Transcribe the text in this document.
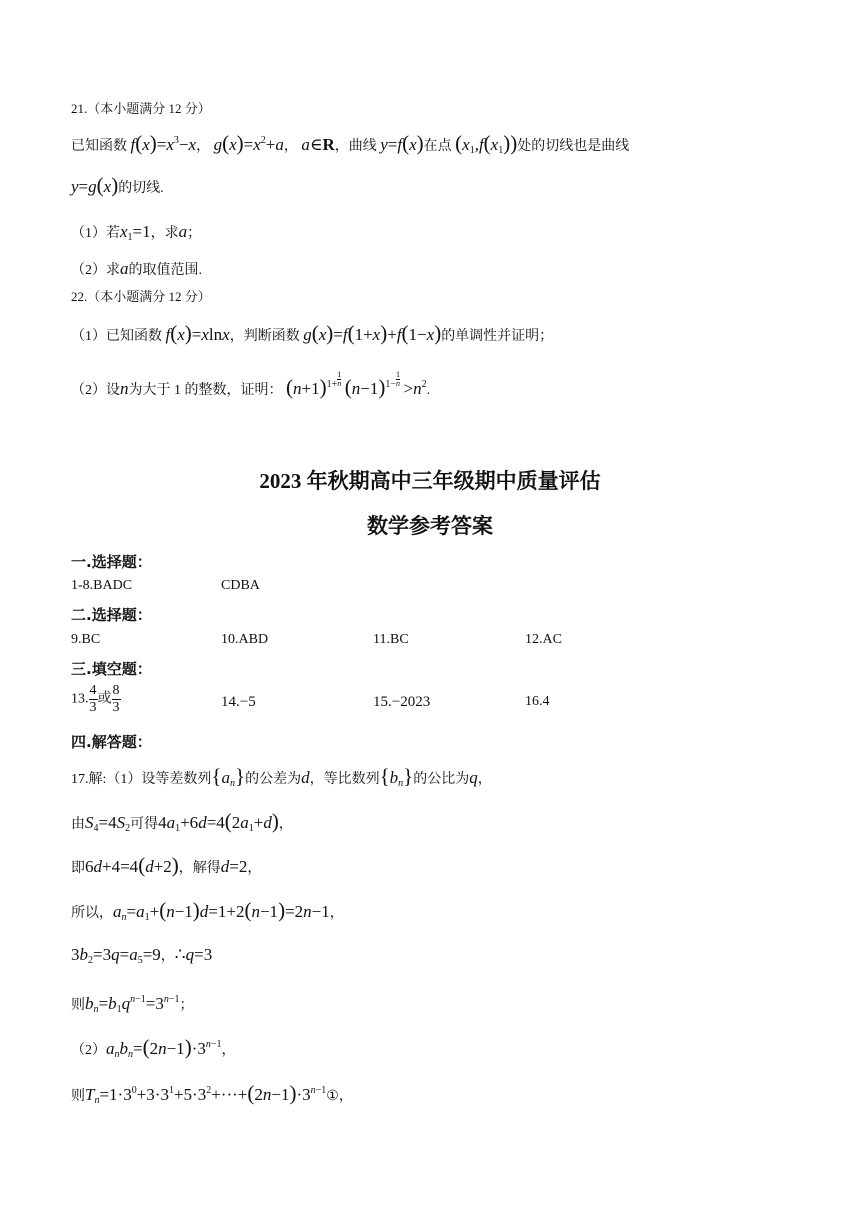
21.（本小题满分 12 分）
已知函数 $f(x)=x^3-x$， $g(x)=x^2+a$， a∈R，曲线 y=f(x)在点 $(x_1,f(x_1))$处的切线也是曲线
y=g(x)的切线.
（1）若$x_1=1$，求a；
（2）求a的取值范围.
22.（本小题满分 12 分）
（1）已知函数 f(x)=xlnx，判断函数 g(x)=f(1+x)+f(1−x)的单调性并证明；
（2）设n为大于 1 的整数，证明： $(n+1)^{1+} \frac{1}{n} (n-1)^{1-} \frac{1}{n} >n^2$.
2023 年秋期高中三年级期中质量评估
数学参考答案
一.选择题：
1-8.BADC	CDBA
二.选择题：
9.BC	10.ABD	11.BC	12.AC
三.填空题：
13. $\frac{4}{3}$ 或 $\frac{8}{3}$	14.−5	15.−2023	16.4
四.解答题：
17.解:（1）设等差数列$\{a_n\}$的公差为d，等比数列$\{b_n\}$的公比为q，
由$S_4=4S_2$可得$4a_1+6d=4(2a_1+d)$，
即6d+4=4(d+2)，解得d=2，
所以，$a_n=a_1+(n-1)d=1+2(n-1)=2n-1$，
$3b_2=3q=a_5=9$，∴q=3
则$b_n=b_1q^{n-1}=3^{n-1}$；
$(2)a_nb_n=(2n-1)\cdot 3^{n-1}$，
则$T_n=1\cdot 3^0+3\cdot 3^1+5\cdot 3^2+\cdot\cdot\cdot+(2n-1)\cdot 3^{n-1}①$，
